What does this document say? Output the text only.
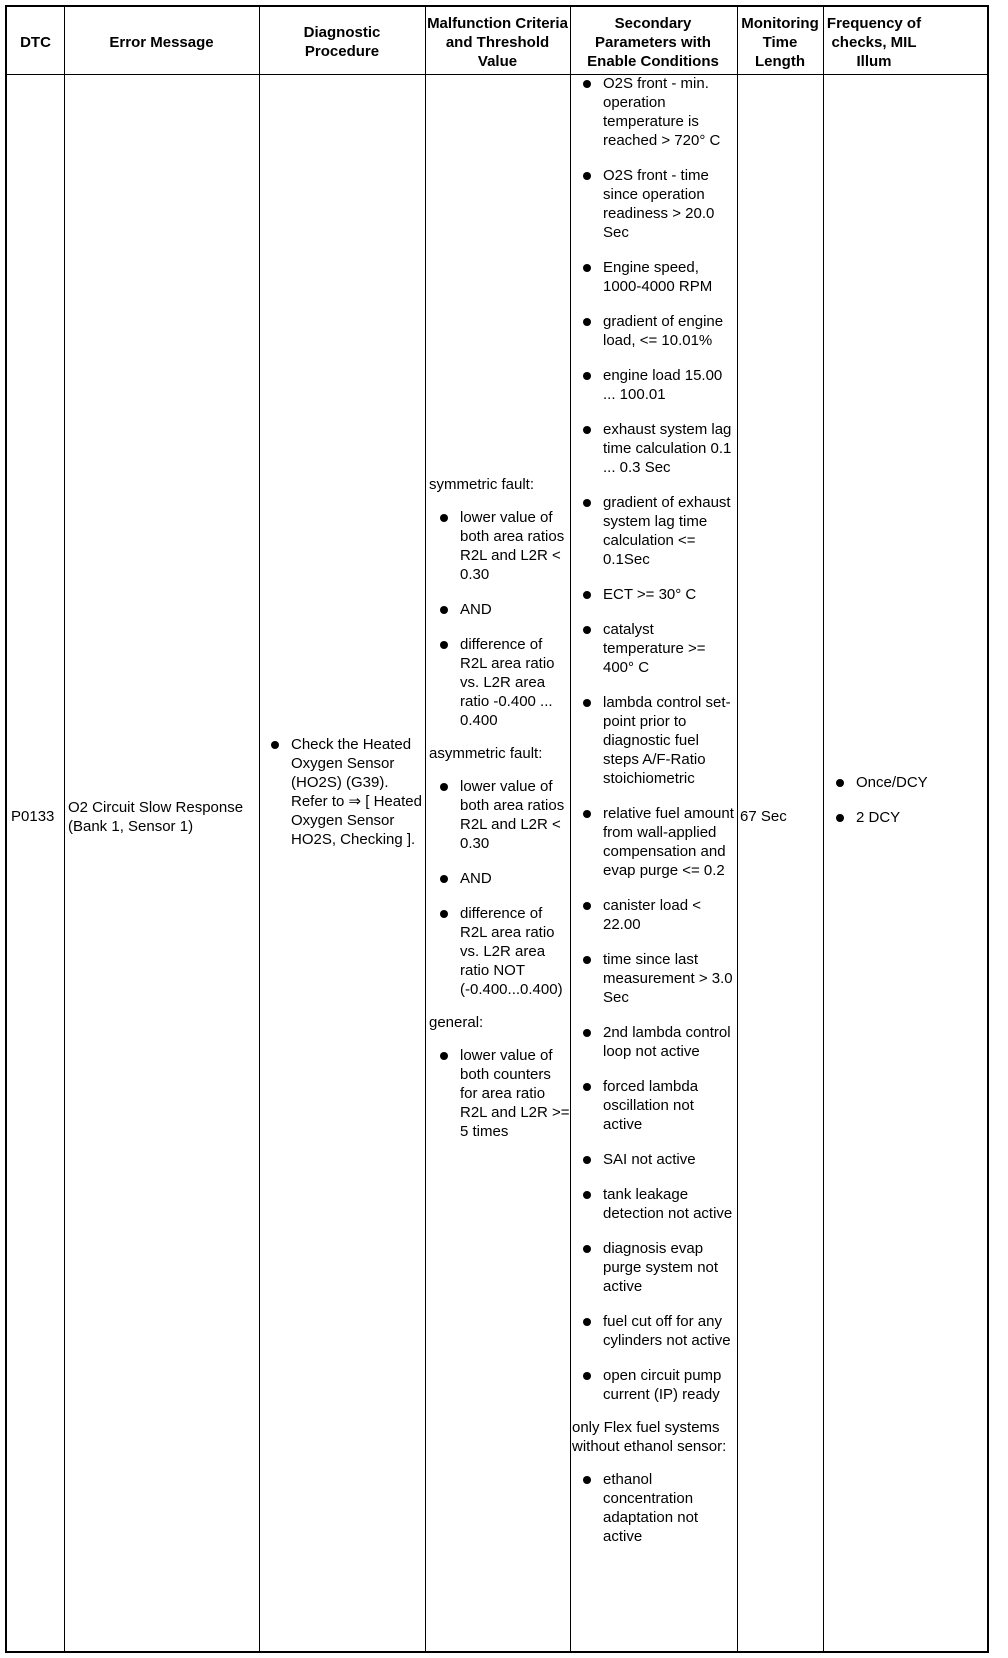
DTC	Error Message
Diagnostic Procedure
Malfunction Criteria and Threshold Value
Secondary Parameters with Enable Conditions
Monitoring Time Length
Frequency of checks, MIL Illum
P0133
O2 Circuit Slow Response (Bank 1, Sensor 1)
Check the Heated Oxygen Sensor (HO2S) (G39). Refer to ⇒ [ Heated Oxygen Sensor HO2S, Checking ].
symmetric fault:
lower value of both area ratios R2L and L2R < 0.30
AND
difference of R2L area ratio vs. L2R area ratio -0.400 ... 0.400
asymmetric fault:
lower value of both area ratios R2L and L2R < 0.30
AND
difference of R2L area ratio vs. L2R area ratio NOT (-0.400...0.400)
general:
lower value of both counters for area ratio R2L and L2R >= 5 times
O2S front - min. operation temperature is reached > 720° C
O2S front - time since operation readiness > 20.0 Sec
Engine speed, 1000-4000 RPM
gradient of engine load, <= 10.01%
engine load 15.00 ... 100.01
exhaust system lag time calculation 0.1 ... 0.3 Sec
gradient of exhaust system lag time calculation <= 0.1Sec
ECT >= 30° C
catalyst temperature >= 400° C
lambda control set-point prior to diagnostic fuel steps A/F-Ratio stoichiometric
relative fuel amount from wall-applied compensation and evap purge <= 0.2
canister load < 22.00
time since last measurement > 3.0 Sec
2nd lambda control loop not active
forced lambda oscillation not active
SAI not active
tank leakage detection not active
diagnosis evap purge system not active
fuel cut off for any cylinders not active
open circuit pump current (IP) ready
only Flex fuel systems without ethanol sensor:
ethanol concentration adaptation not active
67 Sec
Once/DCY
2 DCY
